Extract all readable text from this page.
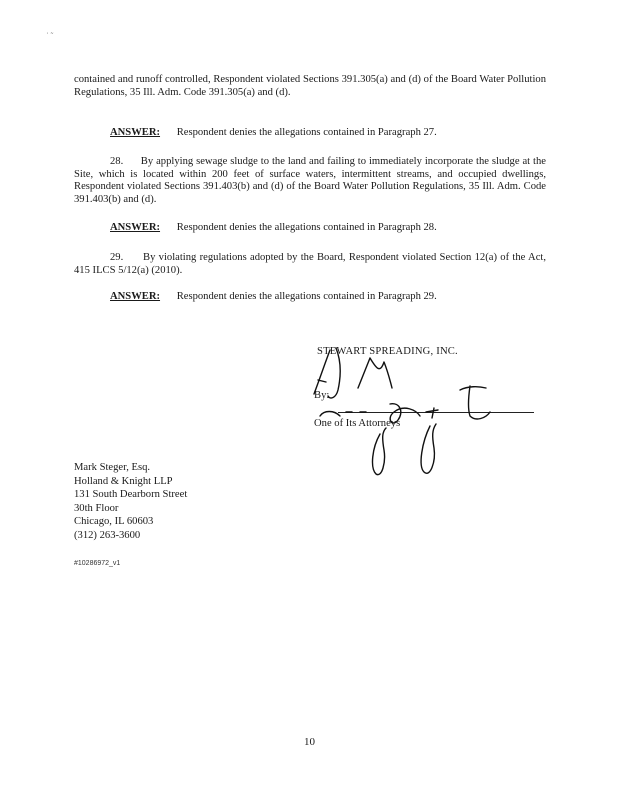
˙ ˜
contained and runoff controlled, Respondent violated Sections 391.305(a) and (d) of the Board Water Pollution Regulations, 35 Ill. Adm. Code 391.305(a) and (d).
ANSWER: Respondent denies the allegations contained in Paragraph 27.
28.      By applying sewage sludge to the land and failing to immediately incorporate the sludge at the Site, which is located within 200 feet of surface waters, intermittent streams, and occupied dwellings, Respondent violated Sections 391.403(b) and (d) of the Board Water Pollution Regulations, 35 Ill. Adm. Code 391.403(b) and (d).
ANSWER: Respondent denies the allegations contained in Paragraph 28.
29.      By violating regulations adopted by the Board, Respondent violated Section 12(a) of the Act, 415 ILCS 5/12(a) (2010).
ANSWER: Respondent denies the allegations contained in Paragraph 29.
STEWART SPREADING, INC.
By:
One of Its Attorneys
Mark Steger, Esq.
Holland & Knight LLP
131 South Dearborn Street
30th Floor
Chicago, IL 60603
(312) 263-3600
#10286972_v1
10
